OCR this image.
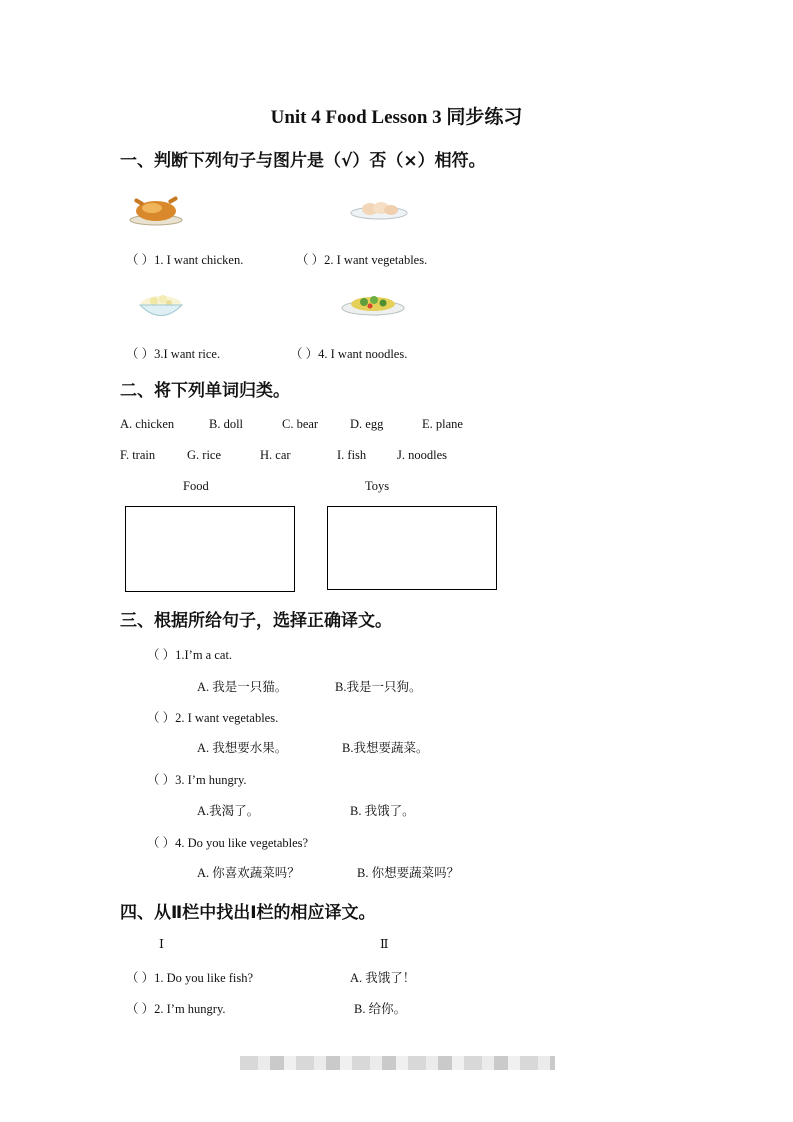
Unit 4 Food Lesson 3 同步练习
一、判断下列句子与图片是（√）否（×）相符。
（ ）1. I want chicken.	（ ）2. I want vegetables.
（ ）3.I want rice.	（ ）4. I want noodles.
二、将下列单词归类。
A. chicken	B. doll	C. bear	D. egg	E. plane
F. train	G. rice	H. car	I. fish J. noodles
Food	Toys
三、根据所给句子，选择正确译文。
（ ）1.I’m a cat.
A. 我是一只猫。	B.我是一只狗。
（ ）2. I want vegetables.
A. 我想要水果。	B.我想要蔬菜。
（ ）3. I’m hungry.
A.我渴了。	B. 我饿了。
（ ）4. Do you like vegetables?
A. 你喜欢蔬菜吗？	B. 你想要蔬菜吗？
四、从Ⅱ栏中找出Ⅰ栏的相应译文。
Ⅰ	Ⅱ
（ ）1. Do you like fish?	A. 我饿了！
（ ）2. I’m hungry.	B. 给你。
